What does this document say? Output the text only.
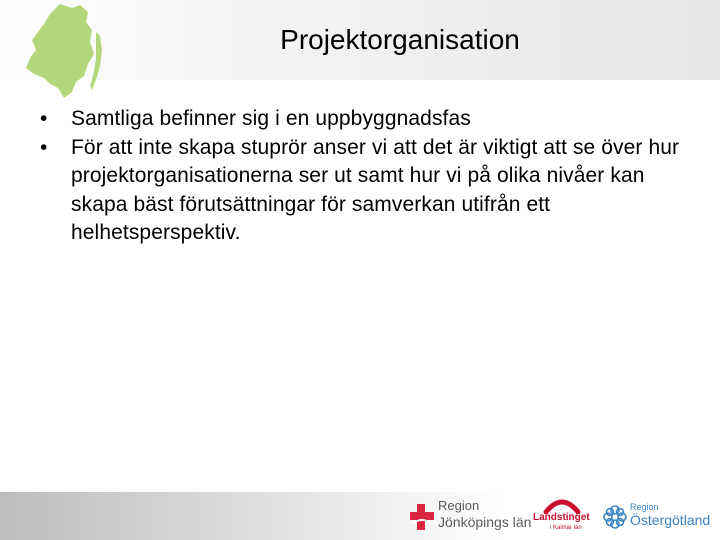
Projektorganisation
• Samtliga befinner sig i en uppbyggnadsfas
• För att inte skapa stuprör anser vi att det är viktigt att se över hur projektorganisationerna ser ut samt hur vi på olika nivåer kan skapa bäst förutsättningar för samverkan utifrån ett helhetsperspektiv.
Region
Jönköpings län Landstinget
i Kalmar län
Region
Östergötland
